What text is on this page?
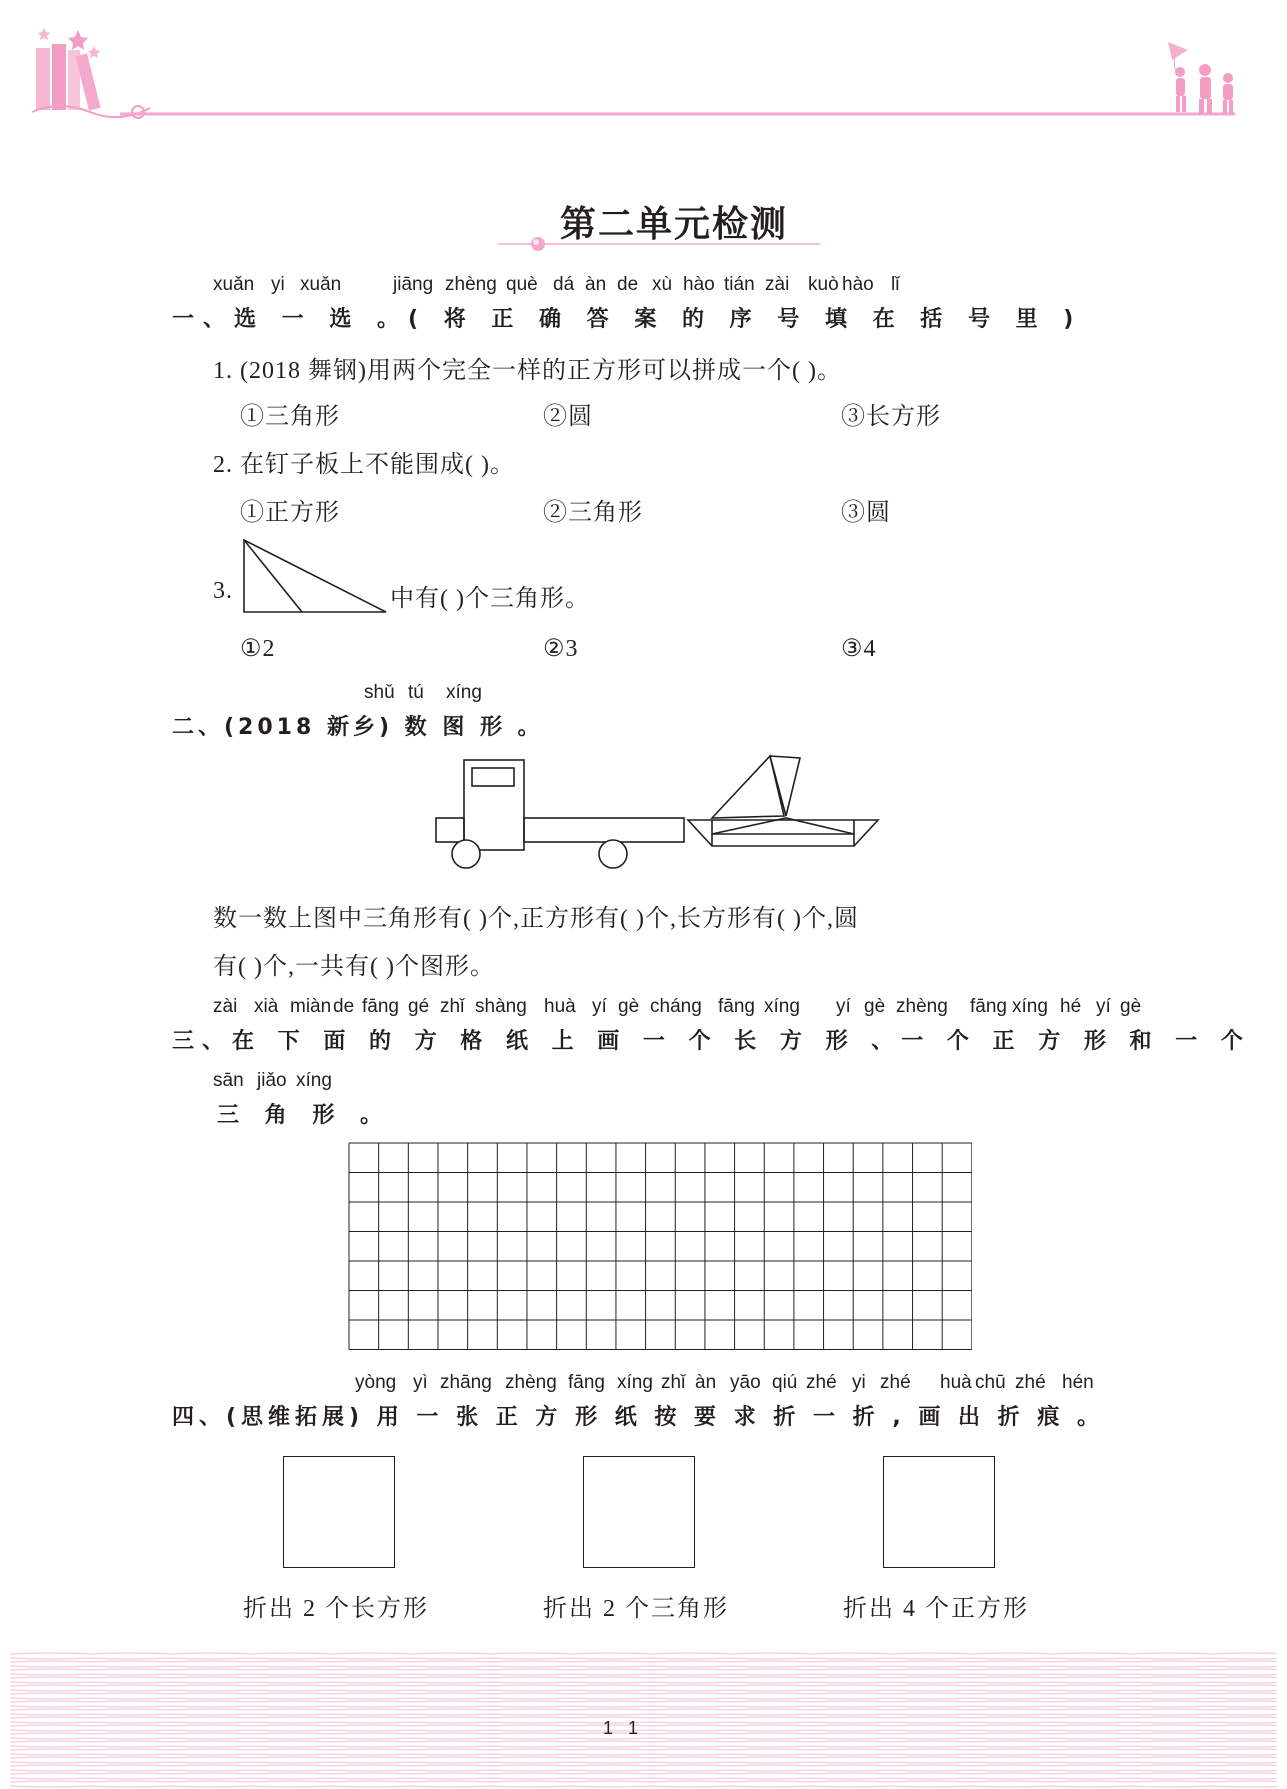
第二单元检测
xuǎn yi xuǎn	jiāng zhèng què dá àn de xù hào tián zài kuò hào lǐ
一、选 一 选 。( 将 正 确 答 案 的 序 号 填 在 括 号 里 )
1. (2018 舞钢)用两个完全一样的正方形可以拼成一个( )。
①三角形	②圆	③长方形
2. 在钉子板上不能围成( )。
①正方形	②三角形	③圆
3.	中有( )个三角形。
①2	②3	③4
shǔ tú xíng
二、(2018 新乡) 数 图 形 。
数一数上图中三角形有( )个,正方形有( )个,长方形有( )个,圆
有( )个,一共有( )个图形。
zài xià miàn de fāng gé zhǐ shàng huà yí gè cháng fāng xíng yí gè zhèng fāng xíng hé yí gè
三、在 下 面 的 方 格 纸 上 画 一 个 长 方 形 、一 个 正 方 形 和 一 个
sān jiǎo xíng
三 角 形 。
yòng yì zhāng zhèng fāng xíng zhǐ àn yāo qiú zhé yi zhé huà chū zhé hén
四、(思维拓展) 用 一 张 正 方 形 纸 按 要 求 折 一 折 , 画 出 折 痕 。
折出 2 个长方形	折出 2 个三角形	折出 4 个正方形
1   1
